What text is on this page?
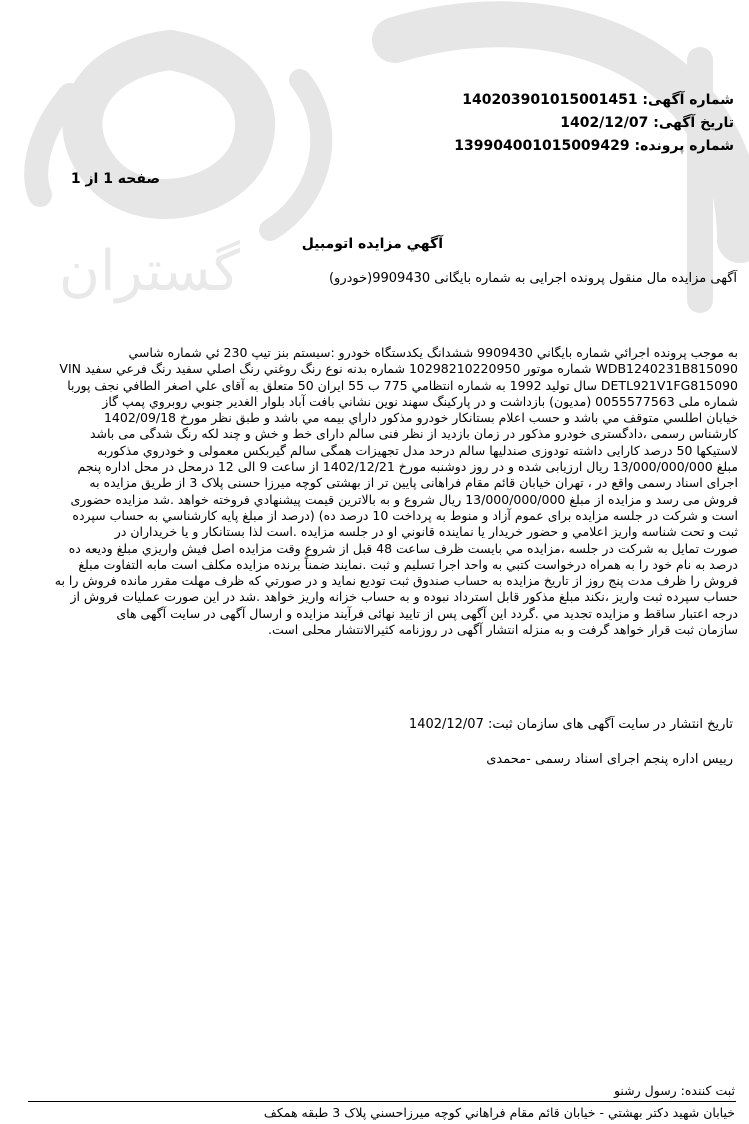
گستران
شماره آگهی: 140203901015001451
تاریخ آگهی: 1402/12/07
شماره پرونده: 139904001015009429
صفحه 1 از 1
آگهي مزايده اتومبيل
آگهی مزایده مال منقول پرونده اجرایی به شماره بایگانی 9909430(خودرو)
به موجب پرونده اجرائي شماره بايگاني 9909430 ششدانگ يكدستگاه خودرو :سيستم بنز تيپ 230 ئي شماره شاسي
WDB1240231B815090 شماره موتور 10298210220950 شماره بدنه نوع رنگ روغني رنگ اصلي سفيد رنگ فرعي سفيد VIN
DETL921V1FG815090 سال توليد 1992 به شماره انتظامي 775 ب 55 ايران 50 متعلق به آقای علي اصغر الطافي نجف پوربا
شماره ملی 0055577563 (مديون) بازداشت و در پاركينگ سهند نوين نشاني بافت آباد بلوار الغدير جنوبي روبروي پمپ گاز
خيابان اطلسي متوقف مي باشد و حسب اعلام بستانكار خودرو مذكور داراي بيمه مي باشد و طبق نظر مورخ 1402/09/18
كارشناس رسمی ،دادگستری خودرو مذکور در زمان بازدید از نظر فنی سالم دارای خط و خش و چند لکه رنگ شدگی می باشد
لاستیکها 50 درصد کارایی داشته تودوزی صندلیها سالم درحد مدل تجهیزات همگی سالم گیربکس معمولی و خودروي مذكوربه
مبلغ 13/000/000/000 ريال ارزيابی شده و در روز دوشنبه مورخ 1402/12/21 از ساعت 9 الی 12 درمحل در محل اداره پنجم
اجرای اسناد رسمی واقع در ، تهران خیابان قائم مقام فراهانی پایین تر از بهشتی کوچه میرزا حسنی پلاک 3 از طریق مزایده به
فروش می رسد و مزایده از مبلغ 13/000/000/000 ريال شروع و به بالاترين قيمت پيشنهادي فروخته خواهد .شد مزايده حضوری
است و شرکت در جلسه مزایده برای عموم آزاد و منوط به پرداخت 10 درصد ده) (درصد از مبلغ پايه كارشناسي به حساب سپرده
ثبت و تحت شناسه واريز اعلامي و حضور خريدار يا نماينده قانوني او در جلسه مزايده .است لذا بستانكار و يا خريداران در
صورت تمايل به شركت در جلسه ،مزايده مي بايست ظرف ساعت 48 قبل از شروع وقت مزايده اصل فيش واريزي مبلغ وديعه ده
درصد به نام خود را به همراه درخواست کتبي به واحد اجرا تسليم و ثبت .نمايند ضمناً برنده مزايده مكلف است مابه التفاوت مبلغ
فروش را ظرف مدت پنج روز از تاريخ مزايده به حساب صندوق ثبت توديع نمايد و در صورتي كه ظرف مهلت مقرر مانده فروش را به
حساب سپرده ثبت واريز ،نكند مبلغ مذكور قابل استرداد نبوده و به حساب خزانه واريز خواهد .شد در اين صورت عمليات فروش از
درجه اعتبار ساقط و مزايده تجديد مي .گردد اين آگهی پس از تاييد نهائی فرآيند مزايده و ارسال آگهی در سايت آگهی های
سازمان ثبت قرار خواهد گرفت و به منزله انتشار آگهی در روزنامه كثيرالانتشار محلی است.
تاریخ انتشار در سایت آگهی های سازمان ثبت: 1402/12/07
رییس اداره پنجم اجرای اسناد رسمی -محمدی
ثبت کننده: رسول رشنو
خيابان شهيد دكتر بهشتي - خيابان قائم مقام فراهاني كوچه ميرزاحسني پلاک 3 طبقه همکف
